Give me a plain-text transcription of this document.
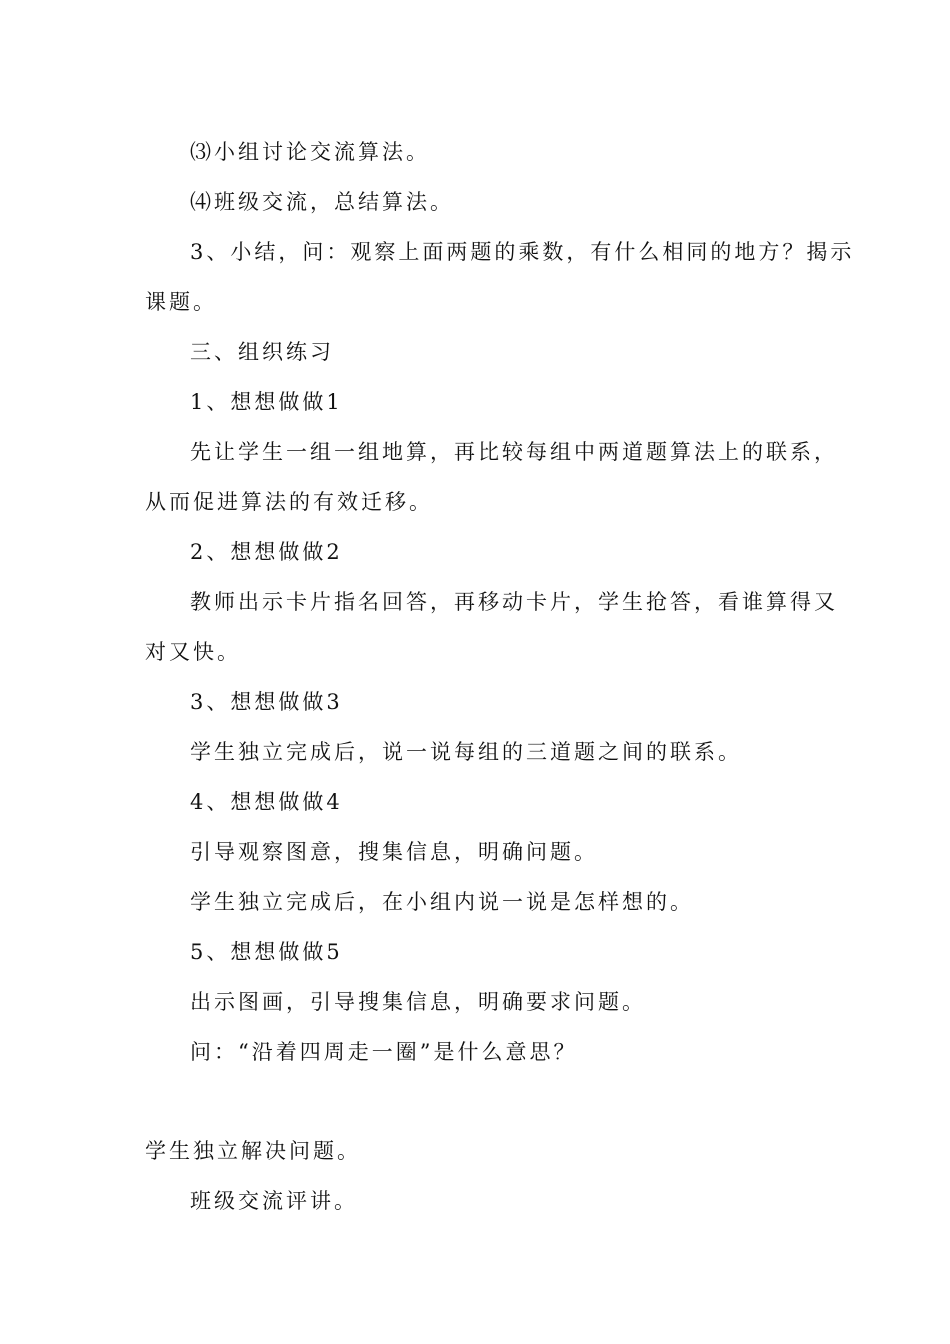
⑶小组讨论交流算法。
⑷班级交流，总结算法。
3、小结，问：观察上面两题的乘数，有什么相同的地方？揭示
课题。
三、组织练习
1、想想做做1
先让学生一组一组地算，再比较每组中两道题算法上的联系，
从而促进算法的有效迁移。
2、想想做做2
教师出示卡片指名回答，再移动卡片，学生抢答，看谁算得又
对又快。
3、想想做做3
学生独立完成后，说一说每组的三道题之间的联系。
4、想想做做4
引导观察图意，搜集信息，明确问题。
学生独立完成后，在小组内说一说是怎样想的。
5、想想做做5
出示图画，引导搜集信息，明确要求问题。
问：“沿着四周走一圈”是什么意思？
学生独立解决问题。
班级交流评讲。
